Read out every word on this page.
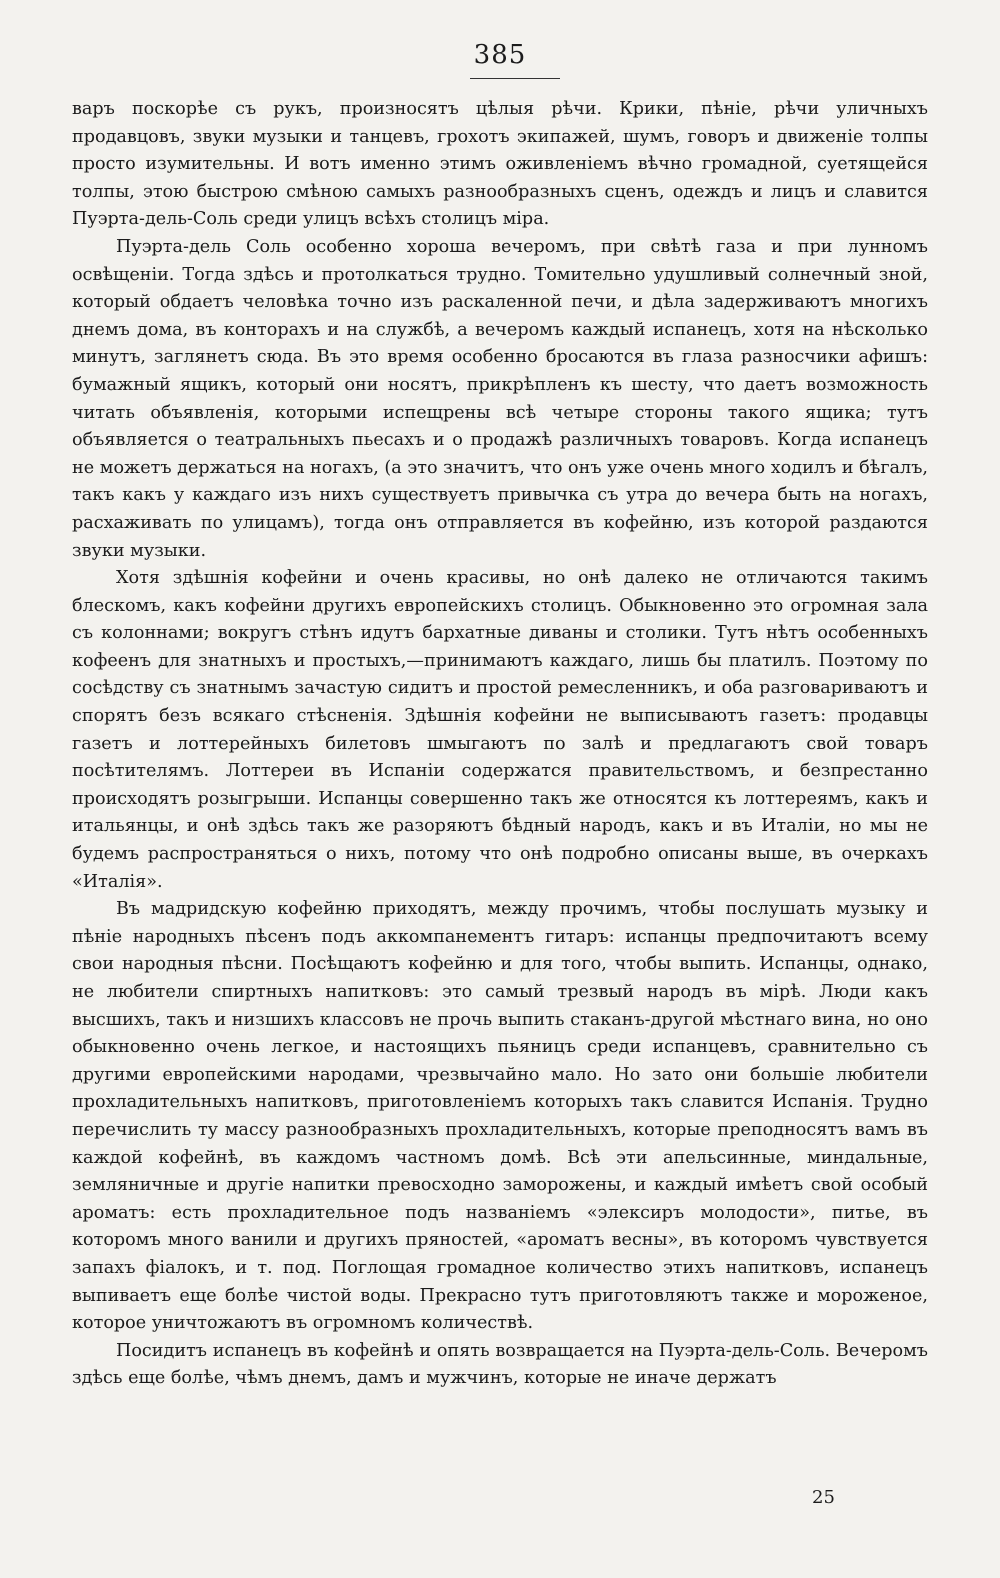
385

варъ поскорѣе съ рукъ, произносятъ цѣлыя рѣчи. Крики, пѣніе, рѣчи уличныхъ продавцовъ, звуки музыки и танцевъ, грохотъ экипажей, шумъ, говоръ и движеніе толпы просто изумительны. И вотъ именно этимъ оживленіемъ вѣчно громадной, суетящейся толпы, этою быстрою смѣною самыхъ разнообразныхъ сценъ, одеждъ и лицъ и славится Пуэрта-дель-Соль среди улицъ всѣхъ столицъ міра.

Пуэрта-дель Соль особенно хороша вечеромъ, при свѣтѣ газа и при лунномъ освѣщеніи. Тогда здѣсь и протолкаться трудно. Томительно удушливый солнечный зной, который обдаетъ человѣка точно изъ раскаленной печи, и дѣла задерживаютъ многихъ днемъ дома, въ конторахъ и на службѣ, а вечеромъ каждый испанецъ, хотя на нѣсколько минутъ, заглянетъ сюда. Въ это время особенно бросаются въ глаза разносчики афишъ: бумажный ящикъ, который они носятъ, прикрѣпленъ къ шесту, что даетъ возможность читать объявленія, которыми испещрены всѣ четыре стороны такого ящика; тутъ объявляется о театральныхъ пьесахъ и о продажѣ различныхъ товаровъ. Когда испанецъ не можетъ держаться на ногахъ, (а это значитъ, что онъ уже очень много ходилъ и бѣгалъ, такъ какъ у каждаго изъ нихъ существуетъ привычка съ утра до вечера быть на ногахъ, расхаживать по улицамъ), тогда онъ отправляется въ кофейню, изъ которой раздаются звуки музыки.

Хотя здѣшнія кофейни и очень красивы, но онѣ далеко не отличаются такимъ блескомъ, какъ кофейни другихъ европейскихъ столицъ. Обыкновенно это огромная зала съ колоннами; вокругъ стѣнъ идутъ бархатные диваны и столики. Тутъ нѣтъ особенныхъ кофеенъ для знатныхъ и простыхъ,—принимаютъ каждаго, лишь бы платилъ. Поэтому по сосѣдству съ знатнымъ зачастую сидитъ и простой ремесленникъ, и оба разговариваютъ и спорятъ безъ всякаго стѣсненія. Здѣшнія кофейни не выписываютъ газетъ: продавцы газетъ и лоттерейныхъ билетовъ шмыгаютъ по залѣ и предлагаютъ свой товаръ посѣтителямъ. Лоттереи въ Испаніи содержатся правительствомъ, и безпрестанно происходятъ розыгрыши. Испанцы совершенно такъ же относятся къ лоттереямъ, какъ и итальянцы, и онѣ здѣсь такъ же разоряютъ бѣдный народъ, какъ и въ Италіи, но мы не будемъ распространяться о нихъ, потому что онѣ подробно описаны выше, въ очеркахъ «Италія».

Въ мадридскую кофейню приходятъ, между прочимъ, чтобы послушать музыку и пѣніе народныхъ пѣсенъ подъ аккомпанементъ гитаръ: испанцы предпочитаютъ всему свои народныя пѣсни. Посѣщаютъ кофейню и для того, чтобы выпить. Испанцы, однако, не любители спиртныхъ напитковъ: это самый трезвый народъ въ мірѣ. Люди какъ высшихъ, такъ и низшихъ классовъ не прочь выпить стаканъ-другой мѣстнаго вина, но оно обыкновенно очень легкое, и настоящихъ пьяницъ среди испанцевъ, сравнительно съ другими европейскими народами, чрезвычайно мало. Но зато они большіе любители прохладительныхъ напитковъ, приготовленіемъ которыхъ такъ славится Испанія. Трудно перечислить ту массу разнообразныхъ прохладительныхъ, которые преподносятъ вамъ въ каждой кофейнѣ, въ каждомъ частномъ домѣ. Всѣ эти апельсинные, миндальные, земляничные и другіе напитки превосходно заморожены, и каждый имѣетъ свой особый ароматъ: есть прохладительное подъ названіемъ «элексиръ молодости», питье, въ которомъ много ванили и другихъ пряностей, «ароматъ весны», въ которомъ чувствуется запахъ фіалокъ, и т. под. Поглощая громадное количество этихъ напитковъ, испанецъ выпиваетъ еще болѣе чистой воды. Прекрасно тутъ приготовляютъ также и мороженое, которое уничтожаютъ въ огромномъ количествѣ.

Посидитъ испанецъ въ кофейнѣ и опять возвращается на Пуэрта-дель-Соль. Вечеромъ здѣсь еще болѣе, чѣмъ днемъ, дамъ и мужчинъ, которые не иначе держатъ

25
